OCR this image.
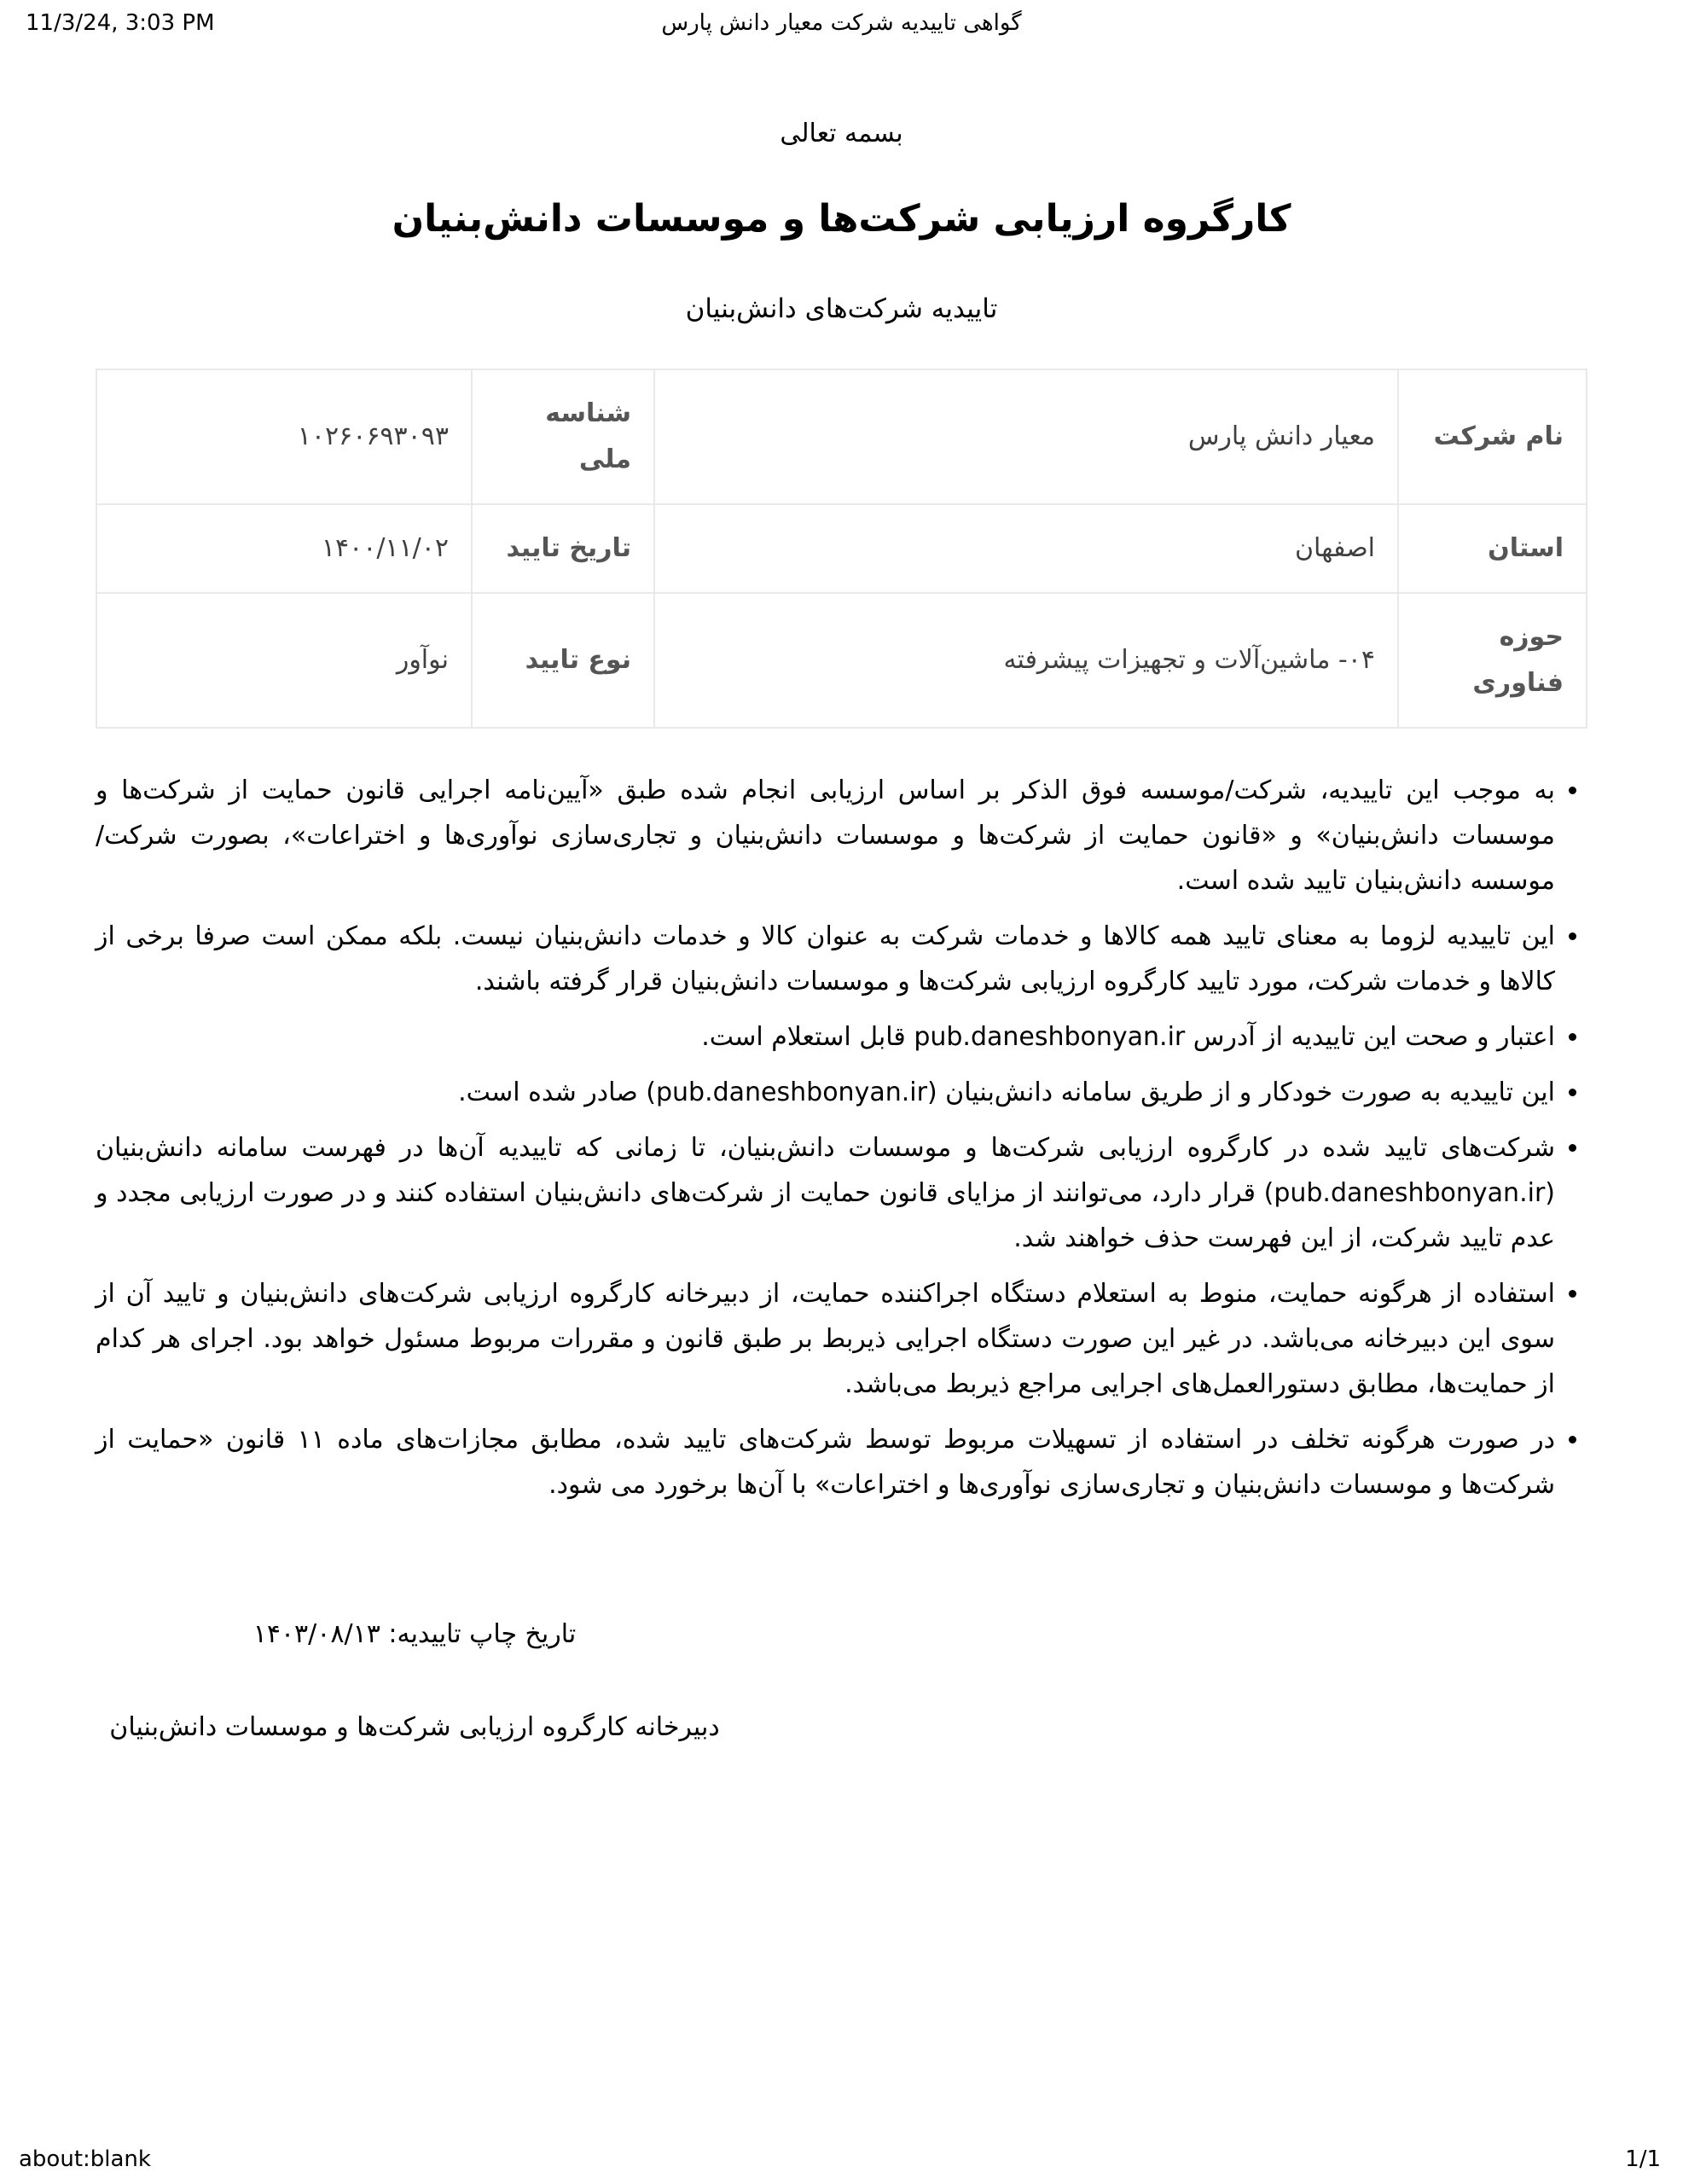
11/3/24, 3:03 PM	گواهی تاییدیه شرکت معیار دانش پارس
بسمه تعالی
کارگروه ارزیابی شرکت‌ها و موسسات دانش‌بنیان
تاییدیه شرکت‌های دانش‌بنیان
نام شرکت	معیار دانش پارس	شناسه ملی	۱۰۲۶۰۶۹۳۰۹۳
استان	اصفهان	تاریخ تایید	۱۴۰۰/۱۱/۰۲
حوزه فناوری	۰۴- ماشین‌آلات و تجهیزات پیشرفته	نوع تایید	نوآور
• به موجب این تاییدیه، شرکت/موسسه فوق الذکر بر اساس ارزیابی انجام شده طبق «آیین‌نامه اجرایی قانون حمایت از شرکت‌ها و موسسات دانش‌بنیان» و «قانون حمایت از شرکت‌ها و موسسات دانش‌بنیان و تجاری‌سازی نوآوری‌ها و اختراعات»، بصورت شرکت/موسسه دانش‌بنیان تایید شده است.
• این تاییدیه لزوما به معنای تایید همه کالاها و خدمات شرکت به عنوان کالا و خدمات دانش‌بنیان نیست. بلکه ممکن است صرفا برخی از کالاها و خدمات شرکت، مورد تایید کارگروه ارزیابی شرکت‌ها و موسسات دانش‌بنیان قرار گرفته باشند.
• اعتبار و صحت این تاییدیه از آدرس pub.daneshbonyan.ir قابل استعلام است.
• این تاییدیه به صورت خودکار و از طریق سامانه دانش‌بنیان (pub.daneshbonyan.ir) صادر شده است.
• شرکت‌های تایید شده در کارگروه ارزیابی شرکت‌ها و موسسات دانش‌بنیان، تا زمانی که تاییدیه آن‌ها در فهرست سامانه دانش‌بنیان (pub.daneshbonyan.ir) قرار دارد، می‌توانند از مزایای قانون حمایت از شرکت‌های دانش‌بنیان استفاده کنند و در صورت ارزیابی مجدد و عدم تایید شرکت، از این فهرست حذف خواهند شد.
• استفاده از هرگونه حمایت، منوط به استعلام دستگاه اجراکننده حمایت، از دبیرخانه کارگروه ارزیابی شرکت‌های دانش‌بنیان و تایید آن از سوی این دبیرخانه می‌باشد. در غیر این صورت دستگاه اجرایی ذیربط بر طبق قانون و مقررات مربوط مسئول خواهد بود. اجرای هر کدام از حمایت‌ها، مطابق دستورالعمل‌های اجرایی مراجع ذیربط می‌باشد.
• در صورت هرگونه تخلف در استفاده از تسهیلات مربوط توسط شرکت‌های تایید شده، مطابق مجازات‌های ماده ۱۱ قانون «حمایت از شرکت‌ها و موسسات دانش‌بنیان و تجاری‌سازی نوآوری‌ها و اختراعات» با آن‌ها برخورد می شود.
تاریخ چاپ تاییدیه: ۱۴۰۳/۰۸/۱۳
دبیرخانه کارگروه ارزیابی شرکت‌ها و موسسات دانش‌بنیان
about:blank	1/1
